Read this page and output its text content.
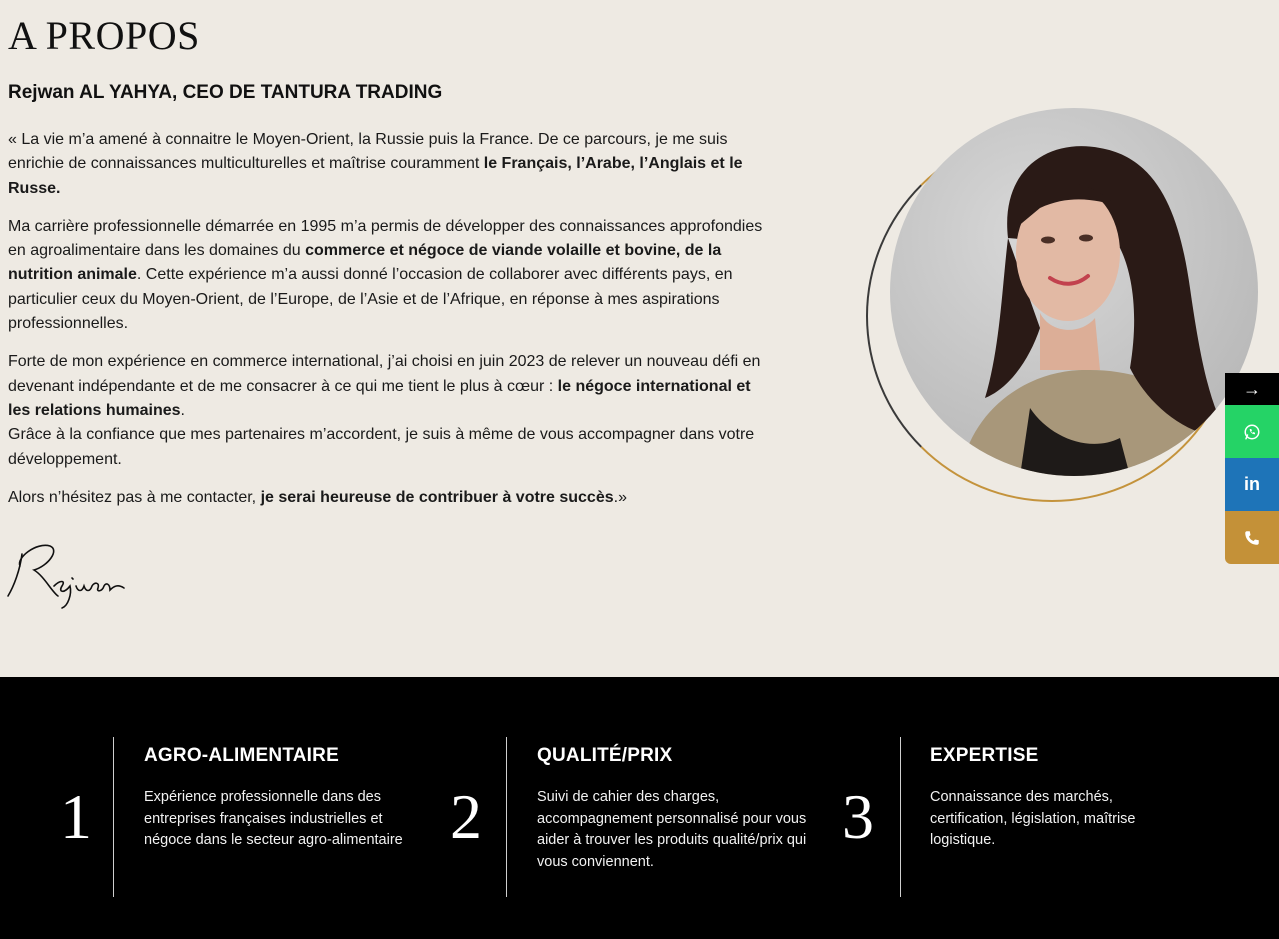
A PROPOS
Rejwan AL YAHYA, CEO DE TANTURA TRADING

« La vie m’a amené à connaitre le Moyen-Orient, la Russie puis la France. De ce parcours, je me suis enrichie de connaissances multiculturelles et maîtrise couramment le Français, l’Arabe, l’Anglais et le Russe.

Ma carrière professionnelle démarrée en 1995 m’a permis de développer des connaissances approfondies en agroalimentaire dans les domaines du commerce et négoce de viande volaille et bovine, de la nutrition animale. Cette expérience m’a aussi donné l’occasion de collaborer avec différents pays, en particulier ceux du Moyen-Orient, de l’Europe, de l’Asie et de l’Afrique, en réponse à mes aspirations professionnelles.

Forte de mon expérience en commerce international, j’ai choisi en juin 2023 de relever un nouveau défi en devenant indépendante et de me consacrer à ce qui me tient le plus à cœur : le négoce international et les relations humaines.
Grâce à la confiance que mes partenaires m’accordent, je suis à même de vous accompagner dans votre développement.

Alors n’hésitez pas à me contacter, je serai heureuse de contribuer à votre succès.»

→
in
1
AGRO-ALIMENTAIRE
Expérience professionnelle dans des entreprises françaises industrielles et négoce dans le secteur agro-alimentaire 2
QUALITÉ/PRIX
Suivi de cahier des charges, accompagnement personnalisé pour vous aider à trouver les produits qualité/prix qui vous conviennent.
3
EXPERTISE
Connaissance des marchés, certification, législation, maîtrise logistique.
